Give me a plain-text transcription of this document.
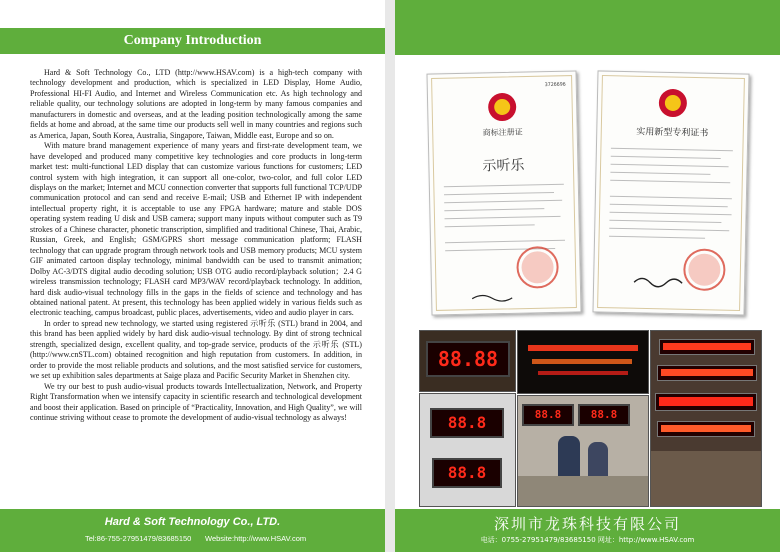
Company Introduction

Hard & Soft Technology Co., LTD (http://www.HSAV.com) is a high-tech company with technology development and production, which is specialized in LED Display, Home Audio, Professional HI-FI Audio, and Internet and Wireless Communication etc. As high technology and reliable quality, our technology solutions are adopted in long-term by many famous companies and manufacturers in domestic and overseas, and at the leading position technologically among the same fields at home and abroad, at the same time our products sell well in many countries and regions such as America, Japan, South Korea, Australia, Singapore, Taiwan, Middle east, Europe and so on.

With mature brand management experience of many years and first-rate development team, we have developed and produced many competitive key technologies and core products in long-term market test: multi-functional LED display that can customize various functions for customers; LED control system with high integration, it can support all one-color, two-color, and full color LED displays on the market; Internet and MCU connection converter that supports full functional TCP/UDP communication protocol and can send and receive E-mail; USB and Ethernet IP with independent intellectual property right, it is acceptable to use any FPGA hardware; mature and stable DOS operating system reading U disk and USB camera; support many inputs without computer such as T9 strokes of a Chinese character, phonetic transcription, simplified and traditional Chinese, Thai, Arabic, Russian, Greek, and English; GSM/GPRS short message communication platform; FLASH technology that can upgrade program through network tools and USB memory products; MCU system GIF animated cartoon display technology, minimal bandwidth can be used to transmit animation; Dolby AC-3/DTS digital audio decoding solution; USB OTG audio record/playback solution；2.4 G wireless transmission technology; FLASH card MP3/WAV record/playback technology. In addition, hard disk audio-visual technology fills in the gaps in the fields of science and technology and has obtained national patent. At present, this technology has been applied widely in various fields such as electronic teaching, campus broadcast, public places, advertisements, video and audio player in cars.

In order to spread new technology, we started using registered 示听乐 (STL) brand in 2004, and this brand has been applied widely by hard disk audio-visual technology. By dint of strong technical strength, specialized design, excellent quality, and top-grade service, products of the 示听乐 (STL) (http://www.cnSTL.com) obtained recognition and high reputation from customers. In addition, in order to provide the most reliable products and solutions, and the most satisfied service for customers, we set up exhibition sales departments at Saige plaza and Pacific Security Market in Shenzhen city.

We try our best to push audio-visual products towards Intellectualization, Network, and Property Right Transformation when we intensify capacity in scientific research and technological development and boost their application. Based on principle of “Practicality, Innovation, and High Quality”, we will continue striving without cease to promote the development of audio-visual technology as always!

Hard & Soft Technology Co., LTD.
Tel:86-755-27951479/83685150 Website:http://www.HSAV.com
3726696
商标注册证
示听乐
实用新型专利证书
88.88
88.8
88.8
88.8	88.8
深圳市龙珠科技有限公司
电话：0755-27951479/83685150 网址：http://www.HSAV.com
